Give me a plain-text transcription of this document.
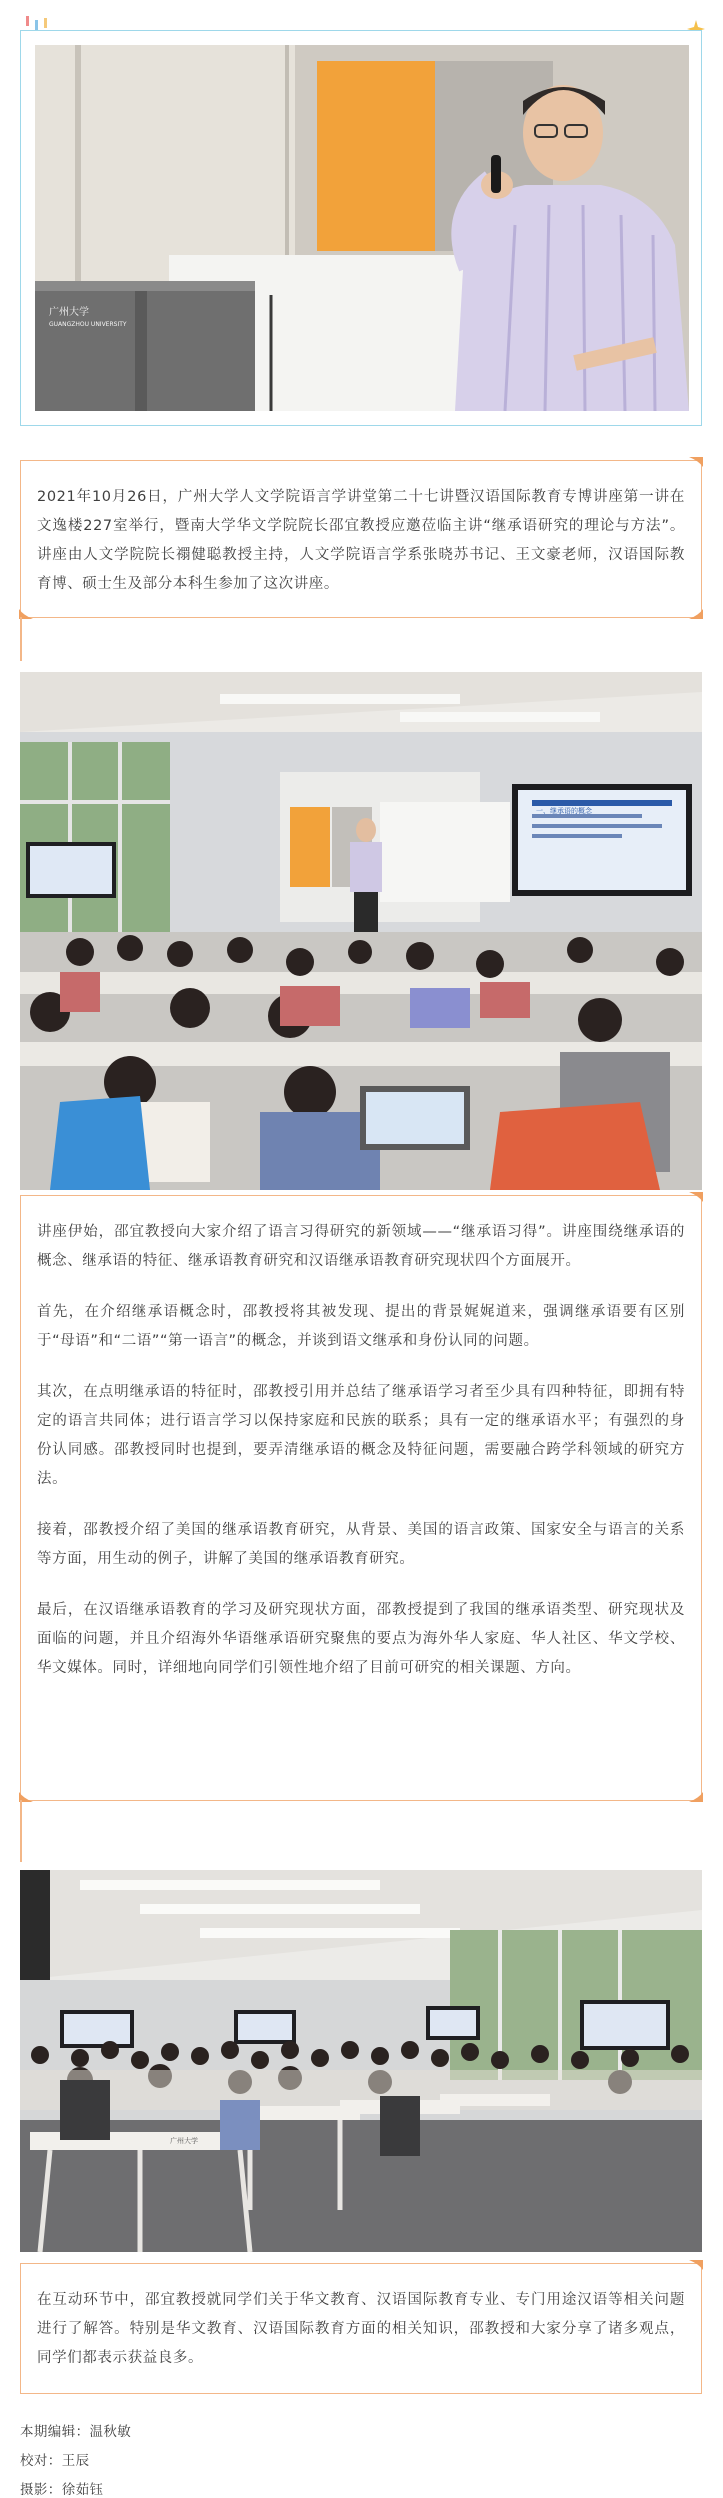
广州大学
GUANGZHOU UNIVERSITY

2021年10月26日，广州大学人文学院语言学讲堂第二十七讲暨汉语国际教育专博讲座第一讲在文逸楼227室举行，暨南大学华文学院院长邵宜教授应邀莅临主讲“继承语研究的理论与方法”。讲座由人文学院院长禤健聪教授主持，人文学院语言学系张晓苏书记、王文豪老师，汉语国际教育博、硕士生及部分本科生参加了这次讲座。

一、继承语的概念

讲座伊始，邵宜教授向大家介绍了语言习得研究的新领域——“继承语习得”。讲座围绕继承语的概念、继承语的特征、继承语教育研究和汉语继承语教育研究现状四个方面展开。

首先，在介绍继承语概念时，邵教授将其被发现、提出的背景娓娓道来，强调继承语要有区别于“母语”和“二语”“第一语言”的概念，并谈到语文继承和身份认同的问题。

其次，在点明继承语的特征时，邵教授引用并总结了继承语学习者至少具有四种特征，即拥有特定的语言共同体；进行语言学习以保持家庭和民族的联系；具有一定的继承语水平；有强烈的身份认同感。邵教授同时也提到，要弄清继承语的概念及特征问题，需要融合跨学科领域的研究方法。

接着，邵教授介绍了美国的继承语教育研究，从背景、美国的语言政策、国家安全与语言的关系等方面，用生动的例子，讲解了美国的继承语教育研究。

最后，在汉语继承语教育的学习及研究现状方面，邵教授提到了我国的继承语类型、研究现状及面临的问题，并且介绍海外华语继承语研究聚焦的要点为海外华人家庭、华人社区、华文学校、华文媒体。同时，详细地向同学们引领性地介绍了目前可研究的相关课题、方向。

广州大学

在互动环节中，邵宜教授就同学们关于华文教育、汉语国际教育专业、专门用途汉语等相关问题进行了解答。特别是华文教育、汉语国际教育方面的相关知识，邵教授和大家分享了诸多观点，同学们都表示获益良多。

本期编辑：温秋敏
校对：王辰
摄影：徐茹钰
